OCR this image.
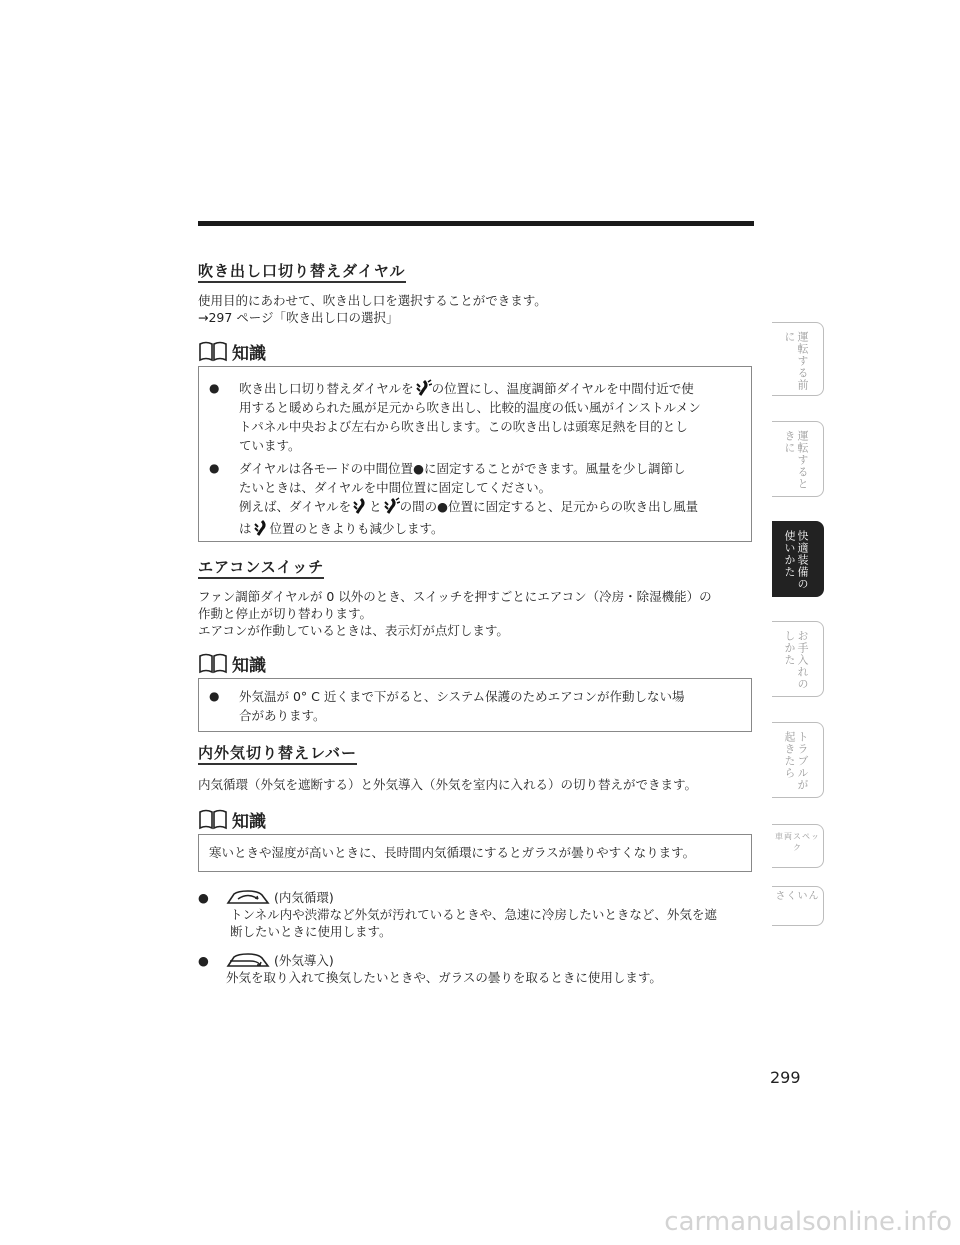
吹き出し口切り替えダイヤル
使用目的にあわせて、吹き出し口を選択することができます。
→297 ページ「吹き出し口の選択」
知識
● 吹き出し口切り替えダイヤルを の位置にし、温度調節ダイヤルを中間付近で使
用すると暖められた風が足元から吹き出し、比較的温度の低い風がインストルメン
トパネル中央および左右から吹き出します。この吹き出しは頭寒足熱を目的とし
ています。
● ダイヤルは各モードの中間位置●に固定することができます。風量を少し調節し
たいときは、ダイヤルを中間位置に固定してください。
例えば、ダイヤルを と の間の●位置に固定すると、足元からの吹き出し風量
は 位置のときよりも減少します。
エアコンスイッチ
ファン調節ダイヤルが 0 以外のとき、スイッチを押すごとにエアコン（冷房・除湿機能）の
作動と停止が切り替わります。
エアコンが作動しているときは、表示灯が点灯します。
知識
● 外気温が 0° C 近くまで下がると、システム保護のためエアコンが作動しない場
合があります。
内外気切り替えレバー
内気循環（外気を遮断する）と外気導入（外気を室内に入れる）の切り替えができます。
知識
寒いときや湿度が高いときに、長時間内気循環にするとガラスが曇りやすくなります。
●	(内気循環)
トンネル内や渋滞など外気が汚れているときや、急速に冷房したいときなど、外気を遮
断したいときに使用します。
●	(外気導入)
外気を取り入れて換気したいときや、ガラスの曇りを取るときに使用します。
運転する前に
運転するときに
快適装備の使いかた
お手入れのしかた
トラブルが起きたら
車両スペック
さくいん
299
carmanualsonline.info
